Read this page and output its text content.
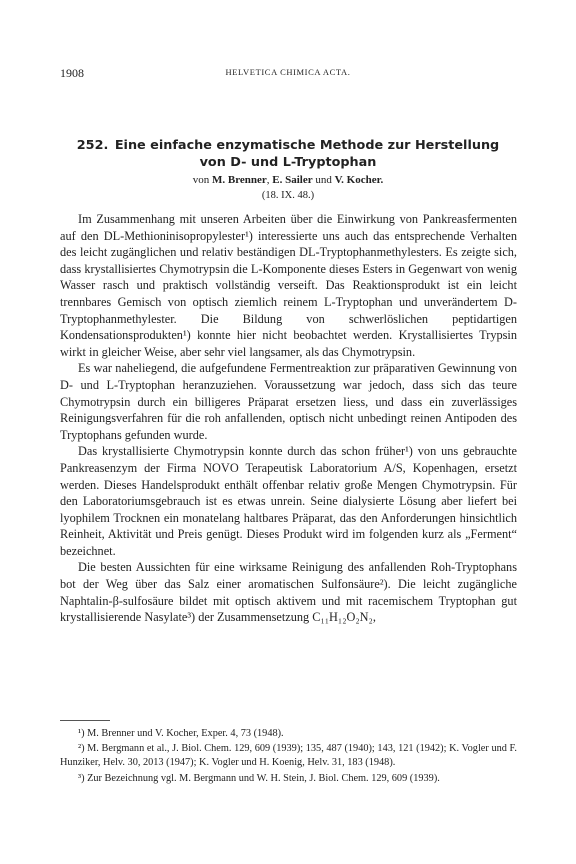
1908	HELVETICA CHIMICA ACTA.
252. Eine einfache enzymatische Methode zur Herstellung
von D- und L-Tryptophan
von M. Brenner, E. Sailer und V. Kocher.
(18. IX. 48.)

Im Zusammenhang mit unseren Arbeiten über die Einwirkung von Pankreasfermenten auf den DL-Methioninisopropylester¹) interessierte uns auch das entsprechende Verhalten des leicht zugänglichen und relativ beständigen DL-Tryptophanmethylesters. Es zeigte sich, dass krystallisiertes Chymotrypsin die L-Komponente dieses Esters in Gegenwart von wenig Wasser rasch und praktisch vollständig verseift. Das Reaktionsprodukt ist ein leicht trennbares Gemisch von optisch ziemlich reinem L-Tryptophan und unverändertem D-Tryptophanmethylester. Die Bildung von schwerlöslichen peptidartigen Kondensationsprodukten¹) konnte hier nicht beobachtet werden. Krystallisiertes Trypsin wirkt in gleicher Weise, aber sehr viel langsamer, als das Chymotrypsin.

Es war naheliegend, die aufgefundene Fermentreaktion zur präparativen Gewinnung von D- und L-Tryptophan heranzuziehen. Voraussetzung war jedoch, dass sich das teure Chymotrypsin durch ein billigeres Präparat ersetzen liess, und dass ein zuverlässiges Reinigungsverfahren für die roh anfallenden, optisch nicht unbedingt reinen Antipoden des Tryptophans gefunden wurde.

Das krystallisierte Chymotrypsin konnte durch das schon früher¹) von uns gebrauchte Pankreasenzym der Firma NOVO Terapeutisk Laboratorium A/S, Kopenhagen, ersetzt werden. Dieses Handelsprodukt enthält offenbar relativ große Mengen Chymotrypsin. Für den Laboratoriumsgebrauch ist es etwas unrein. Seine dialysierte Lösung aber liefert bei lyophilem Trocknen ein monatelang haltbares Präparat, das den Anforderungen hinsichtlich Reinheit, Aktivität und Preis genügt. Dieses Produkt wird im folgenden kurz als „Ferment“ bezeichnet.

Die besten Aussichten für eine wirksame Reinigung des anfallenden Roh-Tryptophans bot der Weg über das Salz einer aromatischen Sulfonsäure²). Die leicht zugängliche Naphtalin-β-sulfosäure bildet mit optisch aktivem und mit racemischem Tryptophan gut krystallisierende Nasylate³) der Zusammensetzung C₁₁H₁₂O₂N₂,

¹) M. Brenner und V. Kocher, Exper. 4, 73 (1948).

²) M. Bergmann et al., J. Biol. Chem. 129, 609 (1939); 135, 487 (1940); 143, 121 (1942); K. Vogler und F. Hunziker, Helv. 30, 2013 (1947); K. Vogler und H. Koenig, Helv. 31, 183 (1948).

³) Zur Bezeichnung vgl. M. Bergmann und W. H. Stein, J. Biol. Chem. 129, 609 (1939).
